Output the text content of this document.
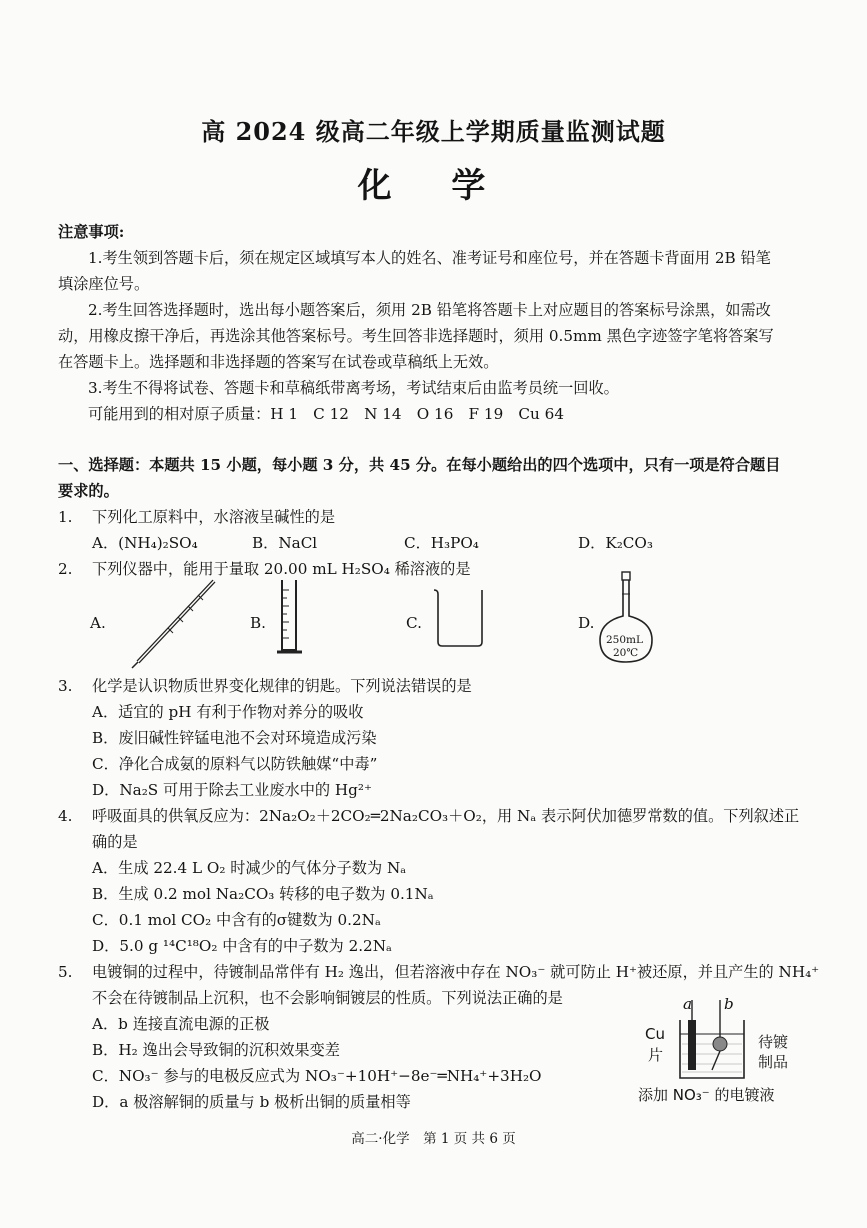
高 2024 级高二年级上学期质量监测试题
化 学
注意事项:
1.考生领到答题卡后，须在规定区域填写本人的姓名、准考证号和座位号，并在答题卡背面用 2B 铅笔
填涂座位号。
2.考生回答选择题时，选出每小题答案后，须用 2B 铅笔将答题卡上对应题目的答案标号涂黑，如需改
动，用橡皮擦干净后，再选涂其他答案标号。考生回答非选择题时，须用 0.5mm 黑色字迹签字笔将答案写
在答题卡上。选择题和非选择题的答案写在试卷或草稿纸上无效。
3.考生不得将试卷、答题卡和草稿纸带离考场，考试结束后由监考员统一回收。
可能用到的相对原子质量：H 1　C 12　N 14　O 16　F 19　Cu 64
一、选择题：本题共 15 小题，每小题 3 分，共 45 分。在每小题给出的四个选项中，只有一项是符合题目
要求的。
1. 下列化工原料中，水溶液呈碱性的是
A．(NH₄)₂SO₄	B．NaCl	C．H₃PO₄	D．K₂CO₃
2. 下列仪器中，能用于量取 20.00 mL H₂SO₄ 稀溶液的是
A.	B.	C.	D.
250mL
20℃
3. 化学是认识物质世界变化规律的钥匙。下列说法错误的是
A．适宜的 pH 有利于作物对养分的吸收
B．废旧碱性锌锰电池不会对环境造成污染
C．净化合成氨的原料气以防铁触媒“中毒”
D．Na₂S 可用于除去工业废水中的 Hg²⁺
4. 呼吸面具的供氧反应为：2Na₂O₂＋2CO₂═2Na₂CO₃＋O₂，用 Nₐ 表示阿伏加德罗常数的值。下列叙述正
确的是
A．生成 22.4 L O₂ 时减少的气体分子数为 Nₐ
B．生成 0.2 mol Na₂CO₃ 转移的电子数为 0.1Nₐ
C．0.1 mol CO₂ 中含有的σ键数为 0.2Nₐ
D．5.0 g ¹⁴C¹⁸O₂ 中含有的中子数为 2.2Nₐ
5. 电镀铜的过程中，待镀制品常伴有 H₂ 逸出，但若溶液中存在 NO₃⁻ 就可防止 H⁺被还原，并且产生的 NH₄⁺
不会在待镀制品上沉积，也不会影响铜镀层的性质。下列说法正确的是
A．b 连接直流电源的正极
B．H₂ 逸出会导致铜的沉积效果变差
C．NO₃⁻ 参与的电极反应式为 NO₃⁻+10H⁺−8e⁻═NH₄⁺+3H₂O
D．a 极溶解铜的质量与 b 极析出铜的质量相等
a b
Cu
片
待镀
制品
添加 NO₃⁻ 的电镀液
高二·化学　第 1 页 共 6 页
